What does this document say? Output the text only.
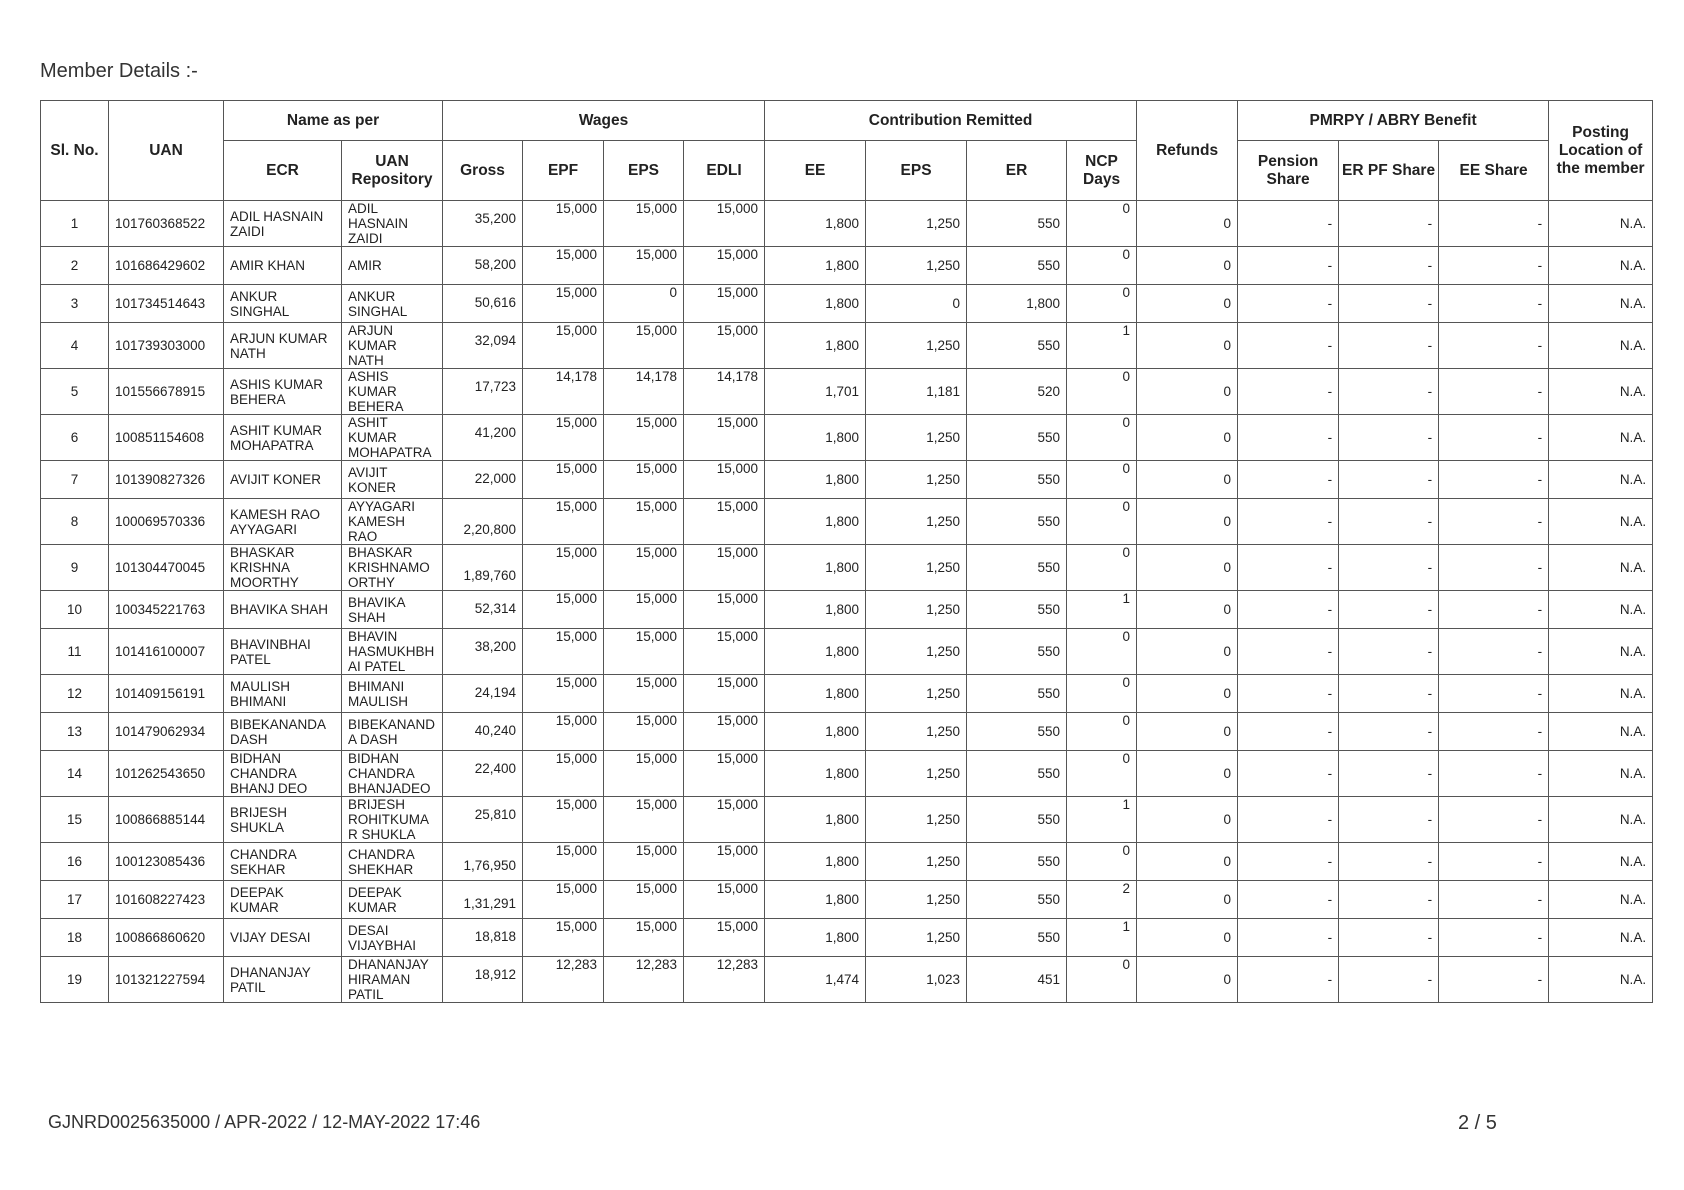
Member Details :-
Sl. No.	UAN	Name as per		Wages				Contribution Remitted				Refunds	PMRPY / ABRY Benefit			Posting Location of the member
		ECR	UAN Repository	Gross	EPF	EPS	EDLI	EE	EPS	ER	NCP Days		Pension Share	ER PF Share	EE Share	
1	101760368522	ADIL HASNAIN ZAIDI	ADIL HASNAIN ZAIDI	35,200	15,000	15,000	15,000	1,800	1,250	550	0	0	-	-	-	N.A.
2	101686429602	AMIR KHAN	AMIR	58,200	15,000	15,000	15,000	1,800	1,250	550	0	0	-	-	-	N.A.
3	101734514643	ANKUR SINGHAL	ANKUR SINGHAL	50,616	15,000	0	15,000	1,800	0	1,800	0	0	-	-	-	N.A.
4	101739303000	ARJUN KUMAR NATH	ARJUN KUMAR NATH	32,094	15,000	15,000	15,000	1,800	1,250	550	1	0	-	-	-	N.A.
5	101556678915	ASHIS KUMAR BEHERA	ASHIS KUMAR BEHERA	17,723	14,178	14,178	14,178	1,701	1,181	520	0	0	-	-	-	N.A.
6	100851154608	ASHIT KUMAR MOHAPATRA	ASHIT KUMAR MOHAPATRA	41,200	15,000	15,000	15,000	1,800	1,250	550	0	0	-	-	-	N.A.
7	101390827326	AVIJIT KONER	AVIJIT KONER	22,000	15,000	15,000	15,000	1,800	1,250	550	0	0	-	-	-	N.A.
8	100069570336	KAMESH RAO AYYAGARI	AYYAGARI KAMESH RAO	2,20,800	15,000	15,000	15,000	1,800	1,250	550	0	0	-	-	-	N.A.
9	101304470045	BHASKAR KRISHNA MOORTHY	BHASKAR KRISHNAMO ORTHY	1,89,760	15,000	15,000	15,000	1,800	1,250	550	0	0	-	-	-	N.A.
10	100345221763	BHAVIKA SHAH	BHAVIKA SHAH	52,314	15,000	15,000	15,000	1,800	1,250	550	1	0	-	-	-	N.A.
11	101416100007	BHAVINBHAI PATEL	BHAVIN HASMUKHBH AI PATEL	38,200	15,000	15,000	15,000	1,800	1,250	550	0	0	-	-	-	N.A.
12	101409156191	MAULISH BHIMANI	BHIMANI MAULISH	24,194	15,000	15,000	15,000	1,800	1,250	550	0	0	-	-	-	N.A.
13	101479062934	BIBEKANANDA DASH	BIBEKANAND A DASH	40,240	15,000	15,000	15,000	1,800	1,250	550	0	0	-	-	-	N.A.
14	101262543650	BIDHAN CHANDRA BHANJ DEO	BIDHAN CHANDRA BHANJADEO	22,400	15,000	15,000	15,000	1,800	1,250	550	0	0	-	-	-	N.A.
15	100866885144	BRIJESH SHUKLA	BRIJESH ROHITKUMA R SHUKLA	25,810	15,000	15,000	15,000	1,800	1,250	550	1	0	-	-	-	N.A.
16	100123085436	CHANDRA SEKHAR	CHANDRA SHEKHAR	1,76,950	15,000	15,000	15,000	1,800	1,250	550	0	0	-	-	-	N.A.
17	101608227423	DEEPAK KUMAR	DEEPAK KUMAR	1,31,291	15,000	15,000	15,000	1,800	1,250	550	2	0	-	-	-	N.A.
18	100866860620	VIJAY DESAI	DESAI VIJAYBHAI	18,818	15,000	15,000	15,000	1,800	1,250	550	1	0	-	-	-	N.A.
19	101321227594	DHANANJAY PATIL	DHANANJAY HIRAMAN PATIL	18,912	12,283	12,283	12,283	1,474	1,023	451	0	0	-	-	-	N.A.
GJNRD0025635000 / APR-2022 / 12-MAY-2022 17:46	2 / 5
